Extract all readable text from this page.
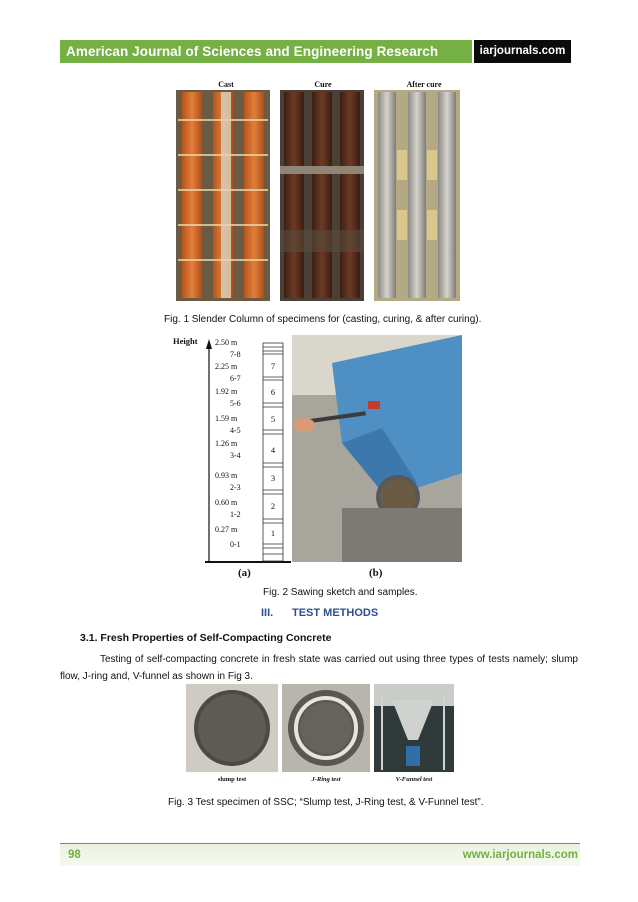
American Journal of Sciences and Engineering Research	iarjournals.com
Cast	Cure	After cure
Fig. 1 Slender Column of specimens for (casting, curing, & after curing).
Height 2.50 m
7-8
2.25 m
6-7
1.92 m
5-6
1.59 m
4-5
1.26 m
3-4
0.93 m
2-3
0.60 m
1-2
0.27 m
0-1
7
6
5
4
3
2
1
(a)	(b)
Fig. 2 Sawing sketch and samples.
III. TEST METHODS
3.1. Fresh Properties of Self-Compacting Concrete
Testing of self-compacting concrete in fresh state was carried out using three types of tests namely; slump flow, J-ring and, V-funnel as shown in Fig 3.
slump test	J-Ring test	V-Funnel test
Fig. 3 Test specimen of SSC; “Slump test, J-Ring test, & V-Funnel test”.
98	www.iarjournals.com
